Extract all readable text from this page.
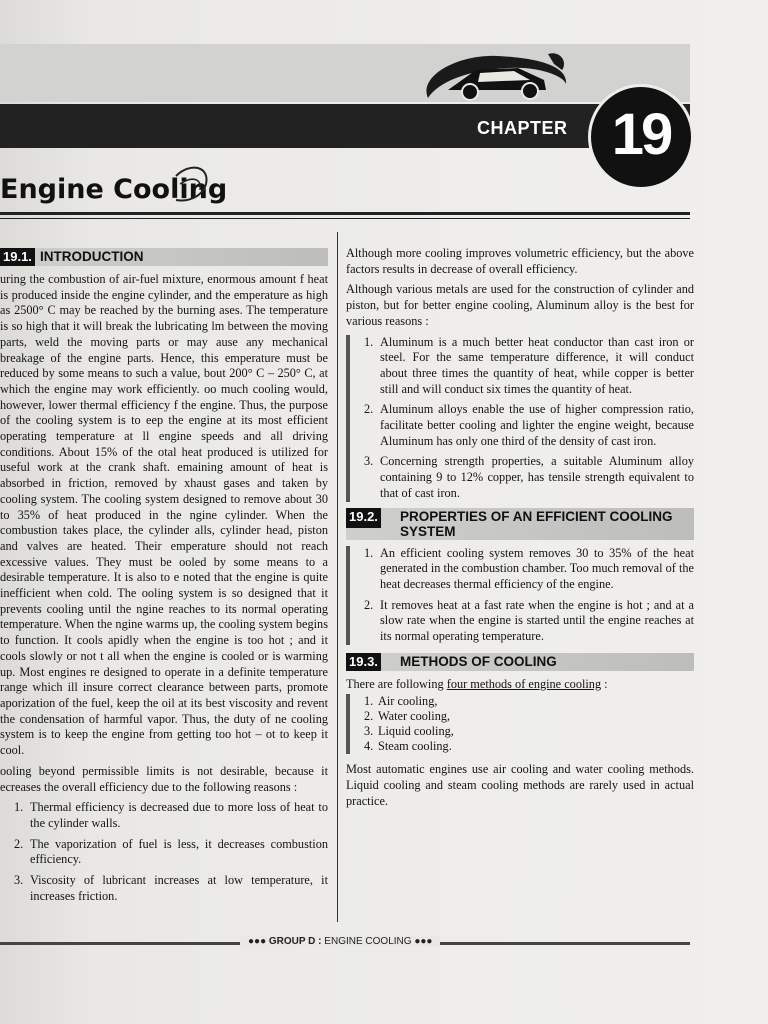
CHAPTER 19
Engine Cooling
19.1. INTRODUCTION

uring the combustion of air-fuel mixture, enormous amount f heat is produced inside the engine cylinder, and the emperature as high as 2500° C may be reached by the burning ases. The temperature is so high that it will break the lubricating lm between the moving parts, weld the moving parts or may ause any mechanical breakage of the engine parts. Hence, this emperature must be reduced by some means to such a value, bout 200° C – 250° C, at which the engine may work efficiently. oo much cooling would, however, lower thermal efficiency f the engine. Thus, the purpose of the cooling system is to eep the engine at its most efficient operating temperature at ll engine speeds and all driving conditions. About 15% of the otal heat produced is utilized for useful work at the crank shaft. emaining amount of heat is absorbed in friction, removed by xhaust gases and taken by cooling system. The cooling system designed to remove about 30 to 35% of heat produced in the ngine cylinder. When the combustion takes place, the cylinder alls, cylinder head, piston and valves are heated. Their emperature should not reach excessive values. They must be ooled by some means to a desirable temperature. It is also to e noted that the engine is quite inefficient when cold. The ooling system is so designed that it prevents cooling until the ngine reaches to its normal operating temperature. When the ngine warms up, the cooling system begins to function. It cools apidly when the engine is too hot ; and it cools slowly or not t all when the engine is cooled or is warming up. Most engines re designed to operate in a definite temperature range which ill insure correct clearance between parts, promote aporization of the fuel, keep the oil at its best viscosity and revent the condensation of harmful vapor. Thus, the duty of ne cooling system is to keep the engine from getting too hot – ot to keep it cool.

ooling beyond permissible limits is not desirable, because it ecreases the overall efficiency due to the following reasons :

1. Thermal efficiency is decreased due to more loss of heat to the cylinder walls.
2. The vaporization of fuel is less, it decreases combustion efficiency.
3. Viscosity of lubricant increases at low temperature, it increases friction.

Although more cooling improves volumetric efficiency, but the above factors results in decrease of overall efficiency.

Although various metals are used for the construction of cylinder and piston, but for better engine cooling, Aluminum alloy is the best for various reasons :

1. Aluminum is a much better heat conductor than cast iron or steel. For the same temperature difference, it will conduct about three times the quantity of heat, while copper is better still and will conduct six times the quantity of heat.
2. Aluminum alloys enable the use of higher compression ratio, facilitate better cooling and lighter the engine weight, because Aluminum has only one third of the density of cast iron.
3. Concerning strength properties, a suitable Aluminum alloy containing 9 to 12% copper, has tensile strength equivalent to that of cast iron.
19.2. PROPERTIES OF AN EFFICIENT COOLING
SYSTEM
1. An efficient cooling system removes 30 to 35% of the heat generated in the combustion chamber. Too much removal of the heat decreases thermal efficiency of the engine.
2. It removes heat at a fast rate when the engine is hot ; and at a slow rate when the engine is started until the engine reaches at its normal operating temperature.
19.3. METHODS OF COOLING

There are following four methods of engine cooling :

1. Air cooling,
2. Water cooling,
3. Liquid cooling,
4. Steam cooling.

Most automatic engines use air cooling and water cooling methods. Liquid cooling and steam cooling methods are rarely used in actual practice.

●●● GROUP D : ENGINE COOLING ●●●
